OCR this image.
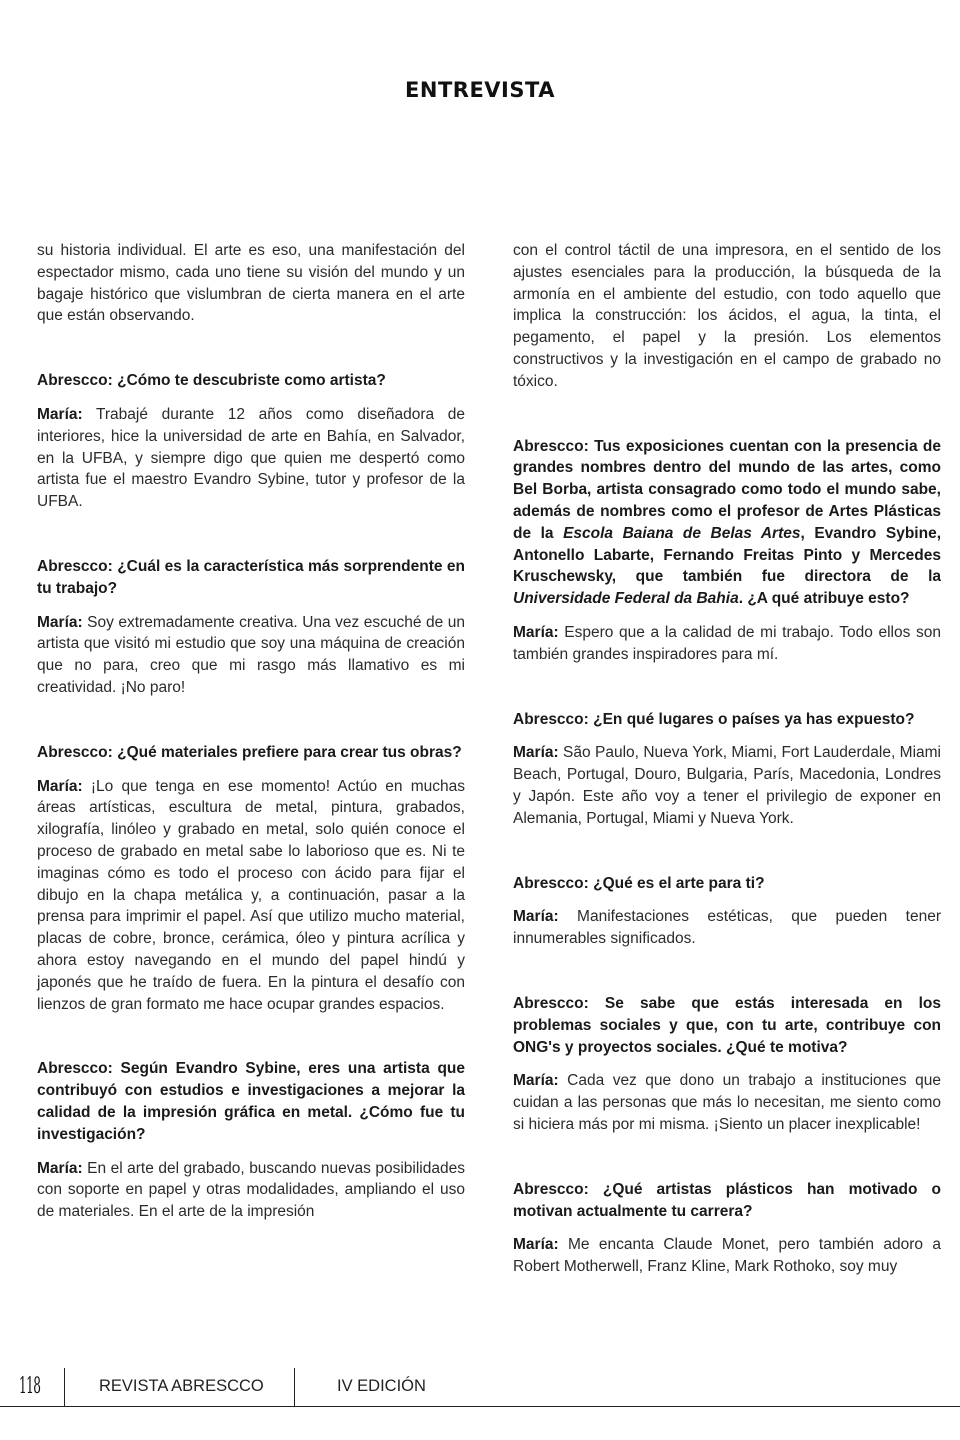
ENTREVISTA

su historia individual. El arte es eso, una manifestación del espectador mismo, cada uno tiene su visión del mundo y un bagaje histórico que vislumbran de cierta manera en el arte que están observando.

Abrescco: ¿Cómo te descubriste como artista?

María: Trabajé durante 12 años como diseñadora de interiores, hice la universidad de arte en Bahía, en Salvador, en la UFBA, y siempre digo que quien me despertó como artista fue el maestro Evandro Sybine, tutor y profesor de la UFBA.

Abrescco: ¿Cuál es la característica más sorprendente en tu trabajo?

María: Soy extremadamente creativa. Una vez escuché de un artista que visitó mi estudio que soy una máquina de creación que no para, creo que mi rasgo más llamativo es mi creatividad. ¡No paro!

Abrescco: ¿Qué materiales prefiere para crear tus obras?

María: ¡Lo que tenga en ese momento! Actúo en muchas áreas artísticas, escultura de metal, pintura, grabados, xilografía, linóleo y grabado en metal, solo quién conoce el proceso de grabado en metal sabe lo laborioso que es. Ni te imaginas cómo es todo el proceso con ácido para fijar el dibujo en la chapa metálica y, a continuación, pasar a la prensa para imprimir el papel. Así que utilizo mucho material, placas de cobre, bronce, cerámica, óleo y pintura acrílica y ahora estoy navegando en el mundo del papel hindú y japonés que he traído de fuera. En la pintura el desafío con lienzos de gran formato me hace ocupar grandes espacios.

Abrescco: Según Evandro Sybine, eres una artista que contribuyó con estudios e investigaciones a mejorar la calidad de la impresión gráfica en metal. ¿Cómo fue tu investigación?

María: En el arte del grabado, buscando nuevas posibilidades con soporte en papel y otras modalidades, ampliando el uso de materiales. En el arte de la impresión

con el control táctil de una impresora, en el sentido de los ajustes esenciales para la producción, la búsqueda de la armonía en el ambiente del estudio, con todo aquello que implica la construcción: los ácidos, el agua, la tinta, el pegamento, el papel y la presión. Los elementos constructivos y la investigación en el campo de grabado no tóxico.

Abrescco: Tus exposiciones cuentan con la presencia de grandes nombres dentro del mundo de las artes, como Bel Borba, artista consagrado como todo el mundo sabe, además de nombres como el profesor de Artes Plásticas de la Escola Baiana de Belas Artes, Evandro Sybine, Antonello Labarte, Fernando Freitas Pinto y Mercedes Kruschewsky, que también fue directora de la Universidade Federal da Bahia. ¿A qué atribuye esto?

María: Espero que a la calidad de mi trabajo. Todo ellos son también grandes inspiradores para mí.

Abrescco: ¿En qué lugares o países ya has expuesto?

María: São Paulo, Nueva York, Miami, Fort Lauderdale, Miami Beach, Portugal, Douro, Bulgaria, París, Macedonia, Londres y Japón. Este año voy a tener el privilegio de exponer en Alemania, Portugal, Miami y Nueva York.

Abrescco: ¿Qué es el arte para ti?

María: Manifestaciones estéticas, que pueden tener innumerables significados.

Abrescco: Se sabe que estás interesada en los problemas sociales y que, con tu arte, contribuye con ONG's y proyectos sociales. ¿Qué te motiva?

María: Cada vez que dono un trabajo a instituciones que cuidan a las personas que más lo necesitan, me siento como si hiciera más por mi misma. ¡Siento un placer inexplicable!

Abrescco: ¿Qué artistas plásticos han motivado o motivan actualmente tu carrera?

María: Me encanta Claude Monet, pero también adoro a Robert Motherwell, Franz Kline, Mark Rothoko, soy muy

118	REVISTA ABRESCCO	IV EDICIÓN
